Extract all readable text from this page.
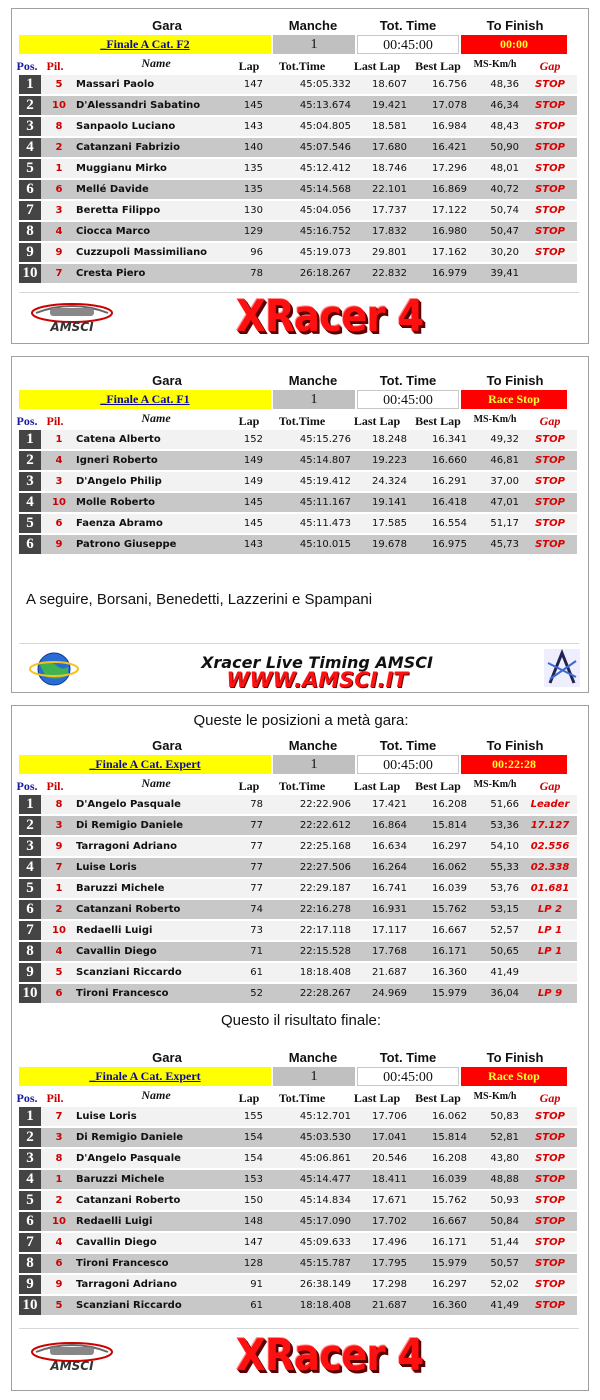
Gara	Manche	Tot. Time	To Finish
_Finale A Cat. F2	1	00:45:00	00:00
Pos. Pil.	Name	Lap	Tot.Time	Last Lap	Best Lap	MS-Km/h	Gap
AMSCI	XRacer 4
1	5	Massari Paolo	147	45:05.332	18.607	16.756	48,36	STOP
2	10	D'Alessandri Sabatino	145	45:13.674	19.421	17.078	46,34	STOP
3	8	Sanpaolo Luciano	143	45:04.805	18.581	16.984	48,43	STOP
4	2	Catanzani Fabrizio	140	45:07.546	17.680	16.421	50,90	STOP
5	1	Muggianu Mirko	135	45:12.412	18.746	17.296	48,01	STOP
6	6	Mellé Davide	135	45:14.568	22.101	16.869	40,72	STOP
7	3	Beretta Filippo	130	45:04.056	17.737	17.122	50,74	STOP
8	4	Ciocca Marco	129	45:16.752	17.832	16.980	50,47	STOP
9	9	Cuzzupoli Massimiliano	96	45:19.073	29.801	17.162	30,20	STOP
10	7	Cresta Piero	78	26:18.267	22.832	16.979	39,41
Gara	Manche	Tot. Time	To Finish
_Finale A Cat. F1	1	00:45:00	Race Stop
Pos. Pil.	Name	Lap	Tot.Time	Last Lap	Best Lap	MS-Km/h	Gap
A seguire, Borsani, Benedetti, Lazzerini e Spampani
Xracer Live Timing AMSCI
WWW.AMSCI.IT
1	1	Catena Alberto	152	45:15.276	18.248	16.341	49,32	STOP
2	4	Igneri Roberto	149	45:14.807	19.223	16.660	46,81	STOP
3	3	D'Angelo Philip	149	45:19.412	24.324	16.291	37,00	STOP
4	10	Molle Roberto	145	45:11.167	19.141	16.418	47,01	STOP
5	6	Faenza Abramo	145	45:11.473	17.585	16.554	51,17	STOP
6	9	Patrono Giuseppe	143	45:10.015	19.678	16.975	45,73	STOP
Queste le posizioni a metà gara:
Gara	Manche	Tot. Time	To Finish
_Finale A Cat. Expert	1	00:45:00	00:22:28
Pos. Pil.	Name	Lap	Tot.Time	Last Lap	Best Lap	MS-Km/h	Gap
Questo il risultato finale:
Gara	Manche	Tot. Time	To Finish
_Finale A Cat. Expert	1	00:45:00	Race Stop
Pos. Pil.	Name	Lap	Tot.Time	Last Lap	Best Lap	MS-Km/h	Gap
AMSCI	XRacer 4
1	8	D'Angelo Pasquale	78	22:22.906	17.421	16.208	51,66	Leader
2	3	Di Remigio Daniele	77	22:22.612	16.864	15.814	53,36	17.127
3	9	Tarragoni Adriano	77	22:25.168	16.634	16.297	54,10	02.556
4	7	Luise Loris	77	22:27.506	16.264	16.062	55,33	02.338
5	1	Baruzzi Michele	77	22:29.187	16.741	16.039	53,76	01.681
6	2	Catanzani Roberto	74	22:16.278	16.931	15.762	53,15	LP 2
7	10	Redaelli Luigi	73	22:17.118	17.117	16.667	52,57	LP 1
8	4	Cavallin Diego	71	22:15.528	17.768	16.171	50,65	LP 1
9	5	Scanziani Riccardo	61	18:18.408	21.687	16.360	41,49
10	6	Tironi Francesco	52	22:28.267	24.969	15.979	36,04	LP 9
1	7	Luise Loris	155	45:12.701	17.706	16.062	50,83	STOP
2	3	Di Remigio Daniele	154	45:03.530	17.041	15.814	52,81	STOP
3	8	D'Angelo Pasquale	154	45:06.861	20.546	16.208	43,80	STOP
4	1	Baruzzi Michele	153	45:14.477	18.411	16.039	48,88	STOP
5	2	Catanzani Roberto	150	45:14.834	17.671	15.762	50,93	STOP
6	10	Redaelli Luigi	148	45:17.090	17.702	16.667	50,84	STOP
7	4	Cavallin Diego	147	45:09.633	17.496	16.171	51,44	STOP
8	6	Tironi Francesco	128	45:15.787	17.795	15.979	50,57	STOP
9	9	Tarragoni Adriano	91	26:38.149	17.298	16.297	52,02	STOP
10	5	Scanziani Riccardo	61	18:18.408	21.687	16.360	41,49	STOP
